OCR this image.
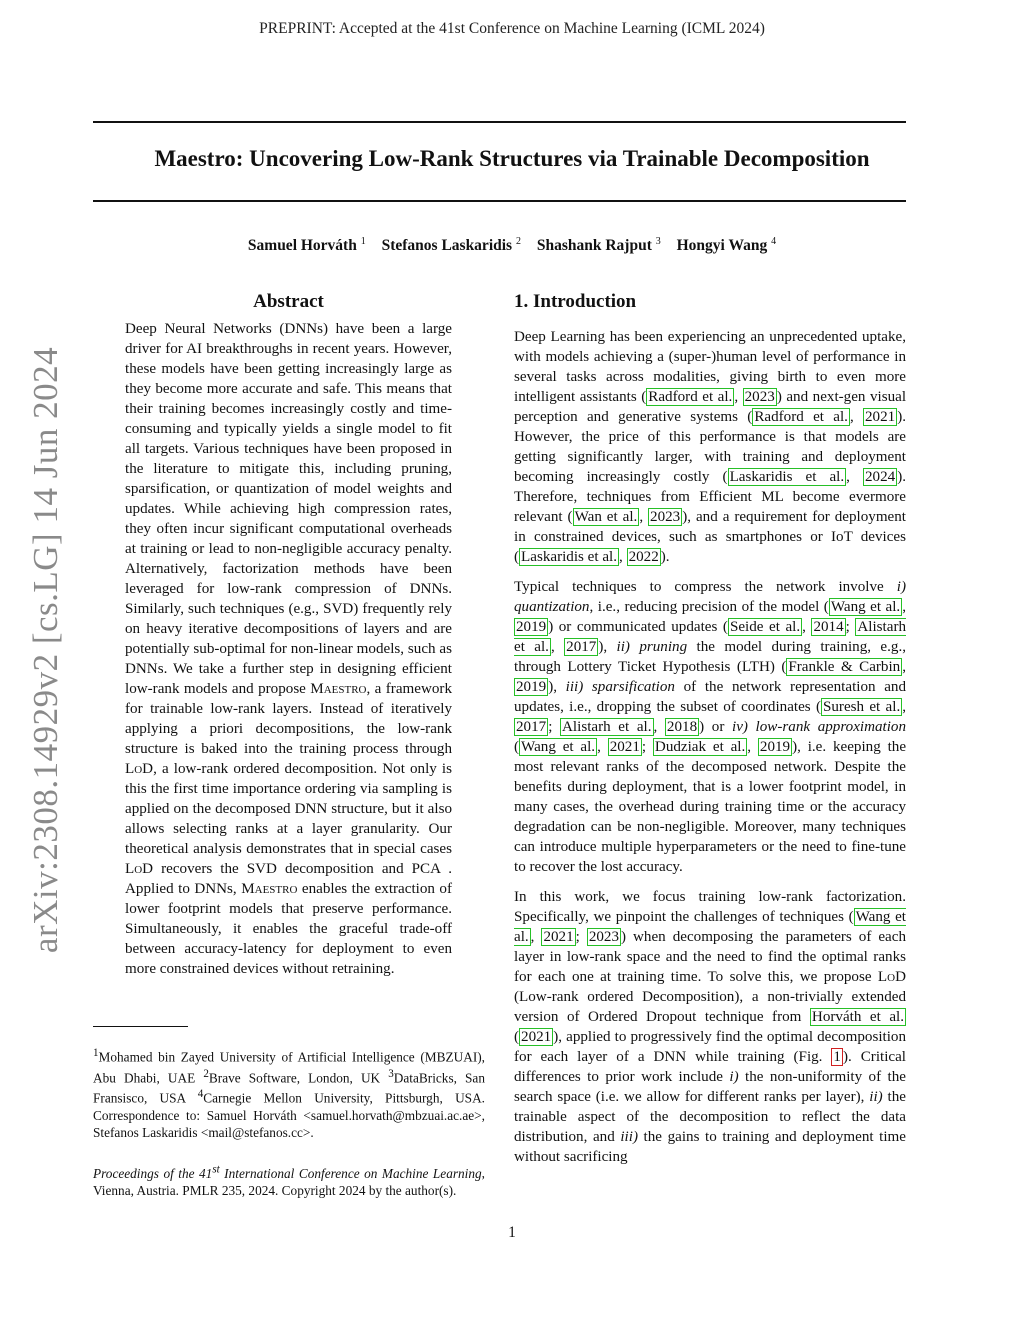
PREPRINT: Accepted at the 41st Conference on Machine Learning (ICML 2024)
Maestro: Uncovering Low-Rank Structures via Trainable Decomposition
Samuel Horváth $^1$ Stefanos Laskaridis $^2$ Shashank Rajput $^3$ Hongyi Wang $^4$
arXiv:2308.14929v2 [cs.LG] 14 Jun 2024
Abstract

Deep Neural Networks (DNNs) have been a large driver for AI breakthroughs in recent years. However, these models have been getting increasingly large as they become more accurate and safe. This means that their training becomes increasingly costly and time-consuming and typically yields a single model to fit all targets. Various techniques have been proposed in the literature to mitigate this, including pruning, sparsification, or quantization of model weights and updates. While achieving high compression rates, they often incur significant computational overheads at training or lead to non-negligible accuracy penalty. Alternatively, factorization methods have been leveraged for low-rank compression of DNNs. Similarly, such techniques (e.g., SVD) frequently rely on heavy iterative decompositions of layers and are potentially sub-optimal for non-linear models, such as DNNs. We take a further step in designing efficient low-rank models and propose Maestro, a framework for trainable low-rank layers. Instead of iteratively applying a priori decompositions, the low-rank structure is baked into the training process through LoD, a low-rank ordered decomposition. Not only is this the first time importance ordering via sampling is applied on the decomposed DNN structure, but it also allows selecting ranks at a layer granularity. Our theoretical analysis demonstrates that in special cases LoD recovers the SVD decomposition and PCA . Applied to DNNs, Maestro enables the extraction of lower footprint models that preserve performance. Simultaneously, it enables the graceful trade-off between accuracy-latency for deployment to even more constrained devices without retraining.

$^1$Mohamed bin Zayed University of Artificial Intelligence (MBZUAI), Abu Dhabi, UAE $^2$Brave Software, London, UK $^3$DataBricks, San Fransisco, USA $^4$Carnegie Mellon University, Pittsburgh, USA. Correspondence to: Samuel Horváth <samuel.horvath@mbzuai.ac.ae>, Stefanos Laskaridis <mail@stefanos.cc>.

Proceedings of the 41st International Conference on Machine Learning, Vienna, Austria. PMLR 235, 2024. Copyright 2024 by the author(s).

1. Introduction

Deep Learning has been experiencing an unprecedented uptake, with models achieving a (super-)human level of performance in several tasks across modalities, giving birth to even more intelligent assistants ( Radford et al. , 2023 ) and next-gen visual perception and generative systems ( Radford et al. , 2021 ). However, the price of this performance is that models are getting significantly larger, with training and deployment becoming increasingly costly ( Laskaridis et al. , 2024 ). Therefore, techniques from Efficient ML become evermore relevant ( Wan et al. , 2023 ), and a requirement for deployment in constrained devices, such as smartphones or IoT devices ( Laskaridis et al. , 2022 ).

Typical techniques to compress the network involve i) quantization, i.e., reducing precision of the model ( Wang et al. , 2019 ) or communicated updates ( Seide et al. , 2014 ; Alistarh et al. , 2017 ), ii) pruning the model during training, e.g., through Lottery Ticket Hypothesis (LTH) ( Frankle & Carbin , 2019 ), iii) sparsification of the network representation and updates, i.e., dropping the subset of coordinates ( Suresh et al. , 2017 ; Alistarh et al. , 2018 ) or iv) low-rank approximation ( Wang et al. , 2021 ; Dudziak et al. , 2019 ), i.e. keeping the most relevant ranks of the decomposed network. Despite the benefits during deployment, that is a lower footprint model, in many cases, the overhead during training time or the accuracy degradation can be non-negligible. Moreover, many techniques can introduce multiple hyperparameters or the need to fine-tune to recover the lost accuracy.

In this work, we focus training low-rank factorization. Specifically, we pinpoint the challenges of techniques ( Wang et al. , 2021 ; 2023 ) when decomposing the parameters of each layer in low-rank space and the need to find the optimal ranks for each one at training time. To solve this, we propose LoD (Low-rank ordered Decomposition), a non-trivially extended version of Ordered Dropout technique from Horváth et al. ( 2021 ), applied to progressively find the optimal decomposition for each layer of a DNN while training (Fig. 1 ). Critical differences to prior work include i) the non-uniformity of the search space (i.e. we allow for different ranks per layer), ii) the trainable aspect of the decomposition to reflect the data distribution, and iii) the gains to training and deployment time without sacrificing

1
